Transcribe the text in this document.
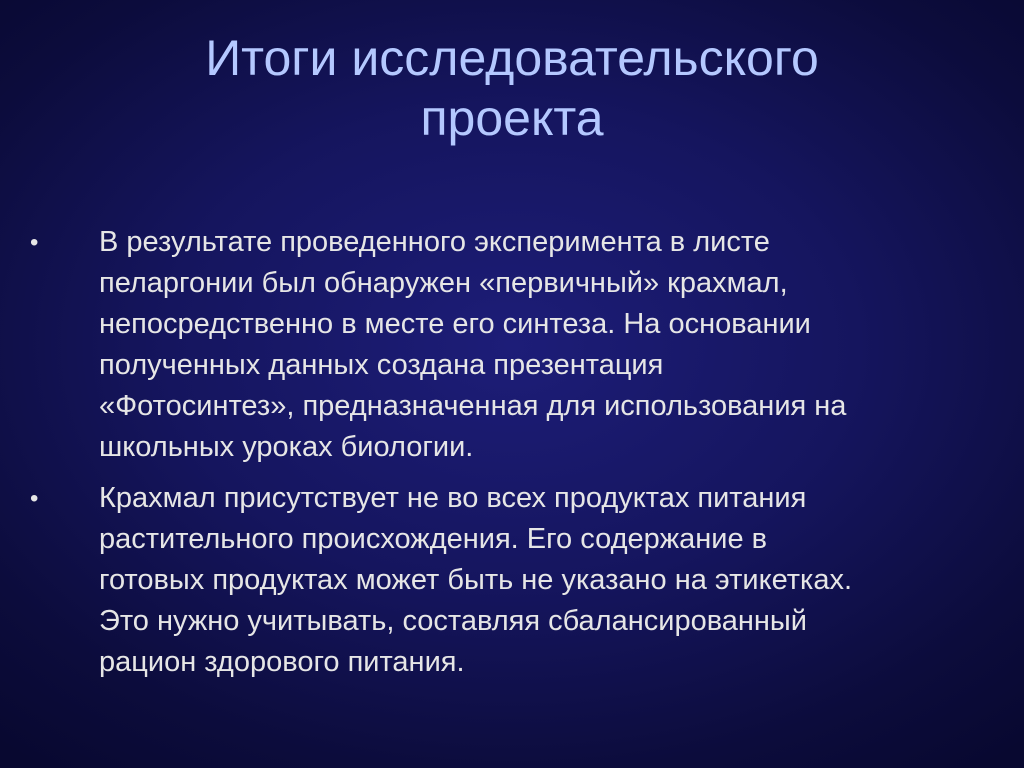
Итоги исследовательского
проекта
• В результате проведенного эксперимента в листе
пеларгонии был обнаружен «первичный» крахмал,
непосредственно в месте его синтеза. На основании
полученных данных создана презентация
«Фотосинтез», предназначенная для использования на
школьных уроках биологии.
• Крахмал присутствует не во всех продуктах питания
растительного происхождения. Его содержание в
готовых продуктах может быть не указано на этикетках.
Это нужно учитывать, составляя сбалансированный
рацион здорового питания.
